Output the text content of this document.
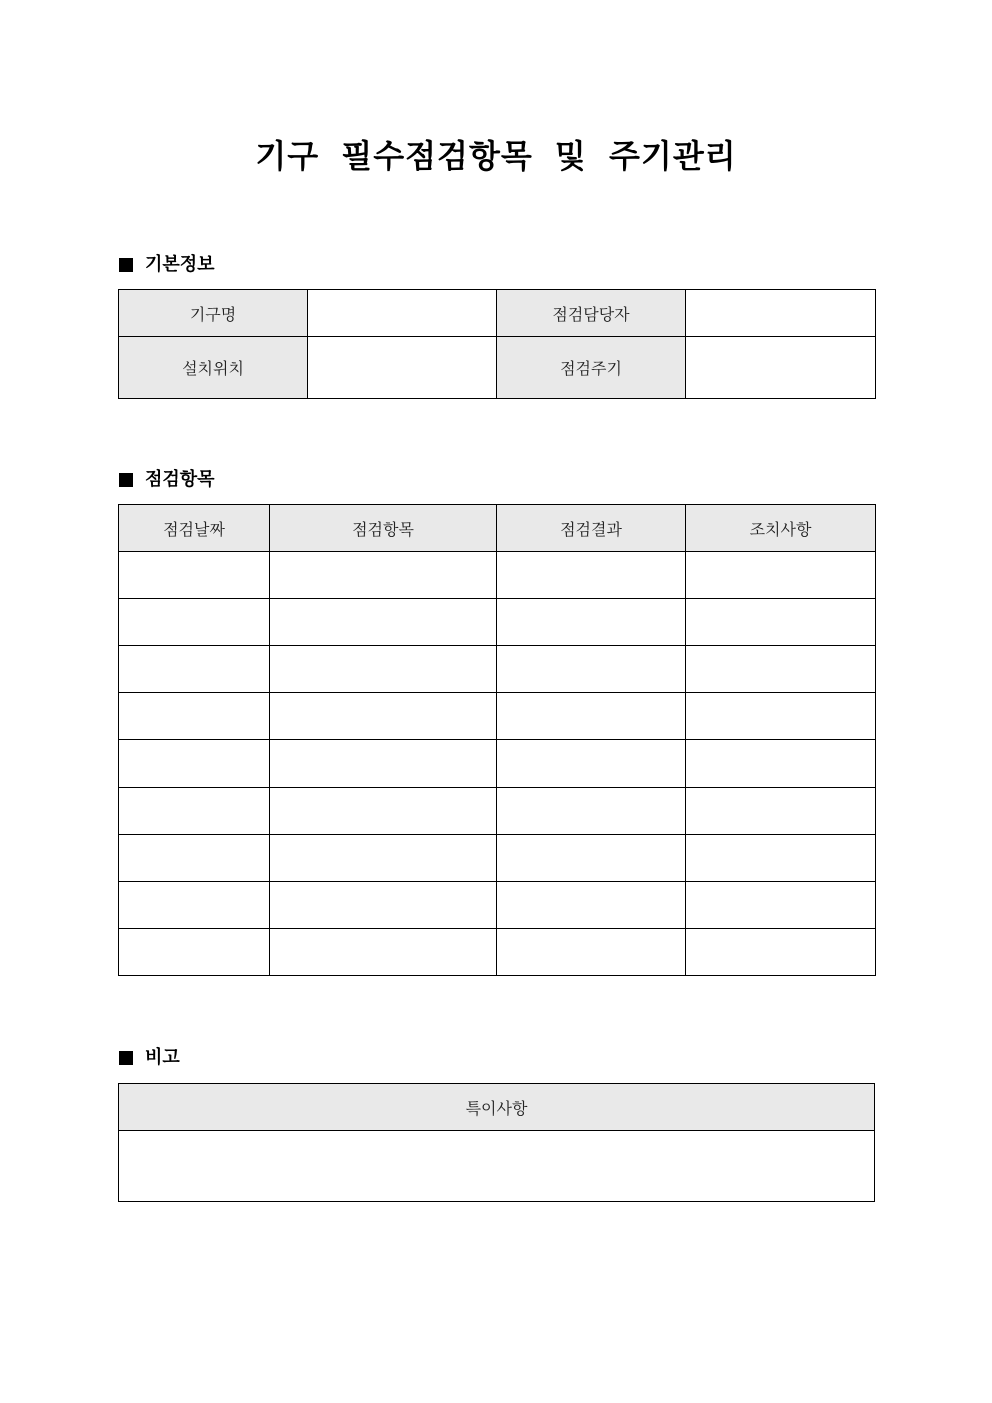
기구 필수점검항목 및 주기관리
기본정보
기구명		점검담당자	
설치위치		점검주기	
점검항목
점검날짜	점검항목	점검결과	조치사항

비고
특이사항
